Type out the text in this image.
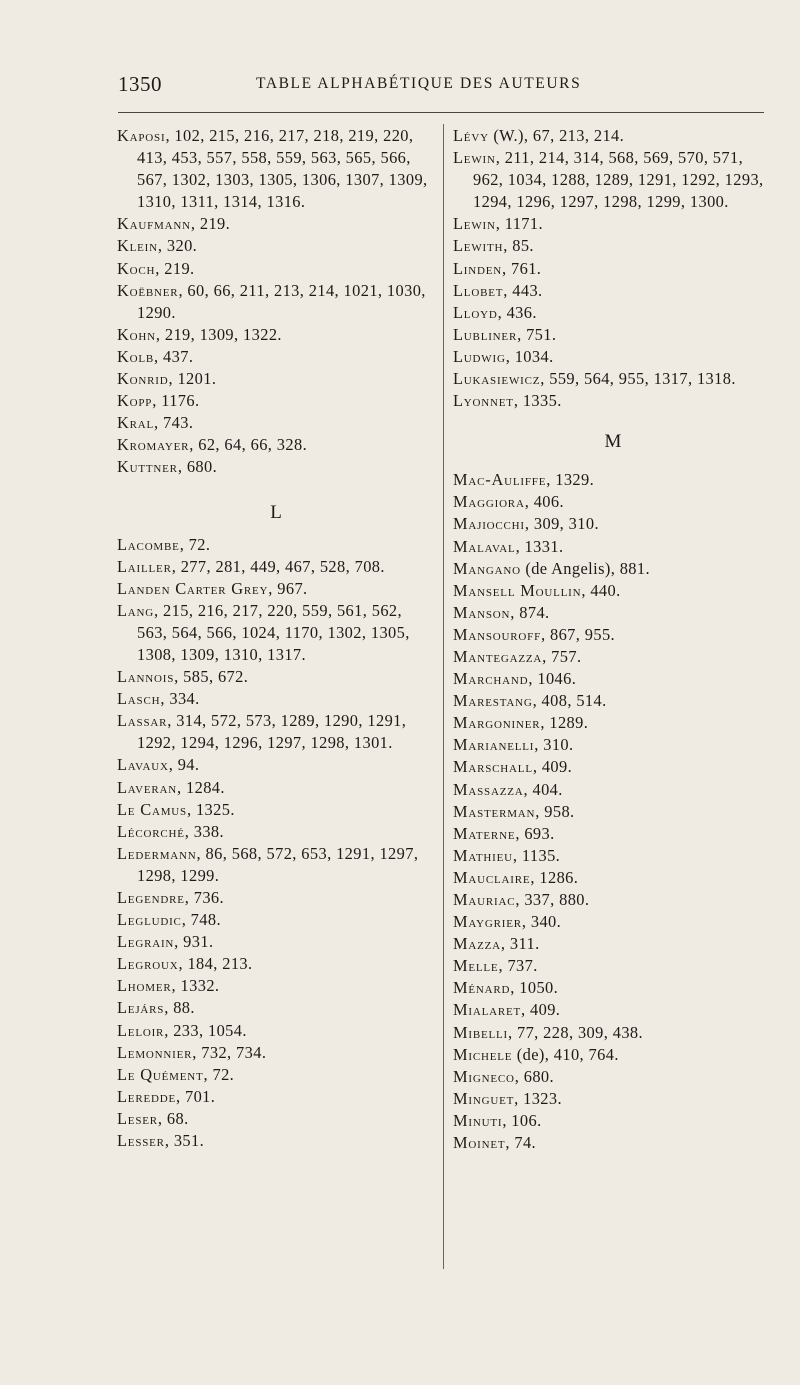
1350	TABLE ALPHABÉTIQUE DES AUTEURS
Kaposi, 102, 215, 216, 217, 218, 219, 220, 413, 453, 557, 558, 559, 563, 565, 566, 567, 1302, 1303, 1305, 1306, 1307, 1309, 1310, 1311, 1314, 1316.
Kaufmann, 219.
Klein, 320.
Koch, 219.
Koëbner, 60, 66, 211, 213, 214, 1021, 1030, 1290.
Kohn, 219, 1309, 1322.
Kolb, 437.
Konrid, 1201.
Kopp, 1176.
Kral, 743.
Kromayer, 62, 64, 66, 328.
Kuttner, 680.
L
Lacombe, 72.
Lailler, 277, 281, 449, 467, 528, 708.
Landen Carter Grey, 967.
Lang, 215, 216, 217, 220, 559, 561, 562, 563, 564, 566, 1024, 1170, 1302, 1305, 1308, 1309, 1310, 1317.
Lannois, 585, 672.
Lasch, 334.
Lassar, 314, 572, 573, 1289, 1290, 1291, 1292, 1294, 1296, 1297, 1298, 1301.
Lavaux, 94.
Laveran, 1284.
Le Camus, 1325.
Lécorché, 338.
Ledermann, 86, 568, 572, 653, 1291, 1297, 1298, 1299.
Legendre, 736.
Legludic, 748.
Legrain, 931.
Legroux, 184, 213.
Lhomer, 1332.
Lejárs, 88.
Leloir, 233, 1054.
Lemonnier, 732, 734.
Le Quément, 72.
Leredde, 701.
Leser, 68.
Lesser, 351.
Lévy (W.), 67, 213, 214.
Lewin, 211, 214, 314, 568, 569, 570, 571, 962, 1034, 1288, 1289, 1291, 1292, 1293, 1294, 1296, 1297, 1298, 1299, 1300.
Lewin, 1171.
Lewith, 85.
Linden, 761.
Llobet, 443.
Lloyd, 436.
Lubliner, 751.
Ludwig, 1034.
Lukasiewicz, 559, 564, 955, 1317, 1318.
Lyonnet, 1335.
M
Mac-Auliffe, 1329.
Maggiora, 406.
Majiocchi, 309, 310.
Malaval, 1331.
Mangano (de Angelis), 881.
Mansell Moullin, 440.
Manson, 874.
Mansouroff, 867, 955.
Mantegazza, 757.
Marchand, 1046.
Marestang, 408, 514.
Margoniner, 1289.
Marianelli, 310.
Marschall, 409.
Massazza, 404.
Masterman, 958.
Materne, 693.
Mathieu, 1135.
Mauclaire, 1286.
Mauriac, 337, 880.
Maygrier, 340.
Mazza, 311.
Melle, 737.
Ménard, 1050.
Mialaret, 409.
Mibelli, 77, 228, 309, 438.
Michele (de), 410, 764.
Migneco, 680.
Minguet, 1323.
Minuti, 106.
Moinet, 74.
